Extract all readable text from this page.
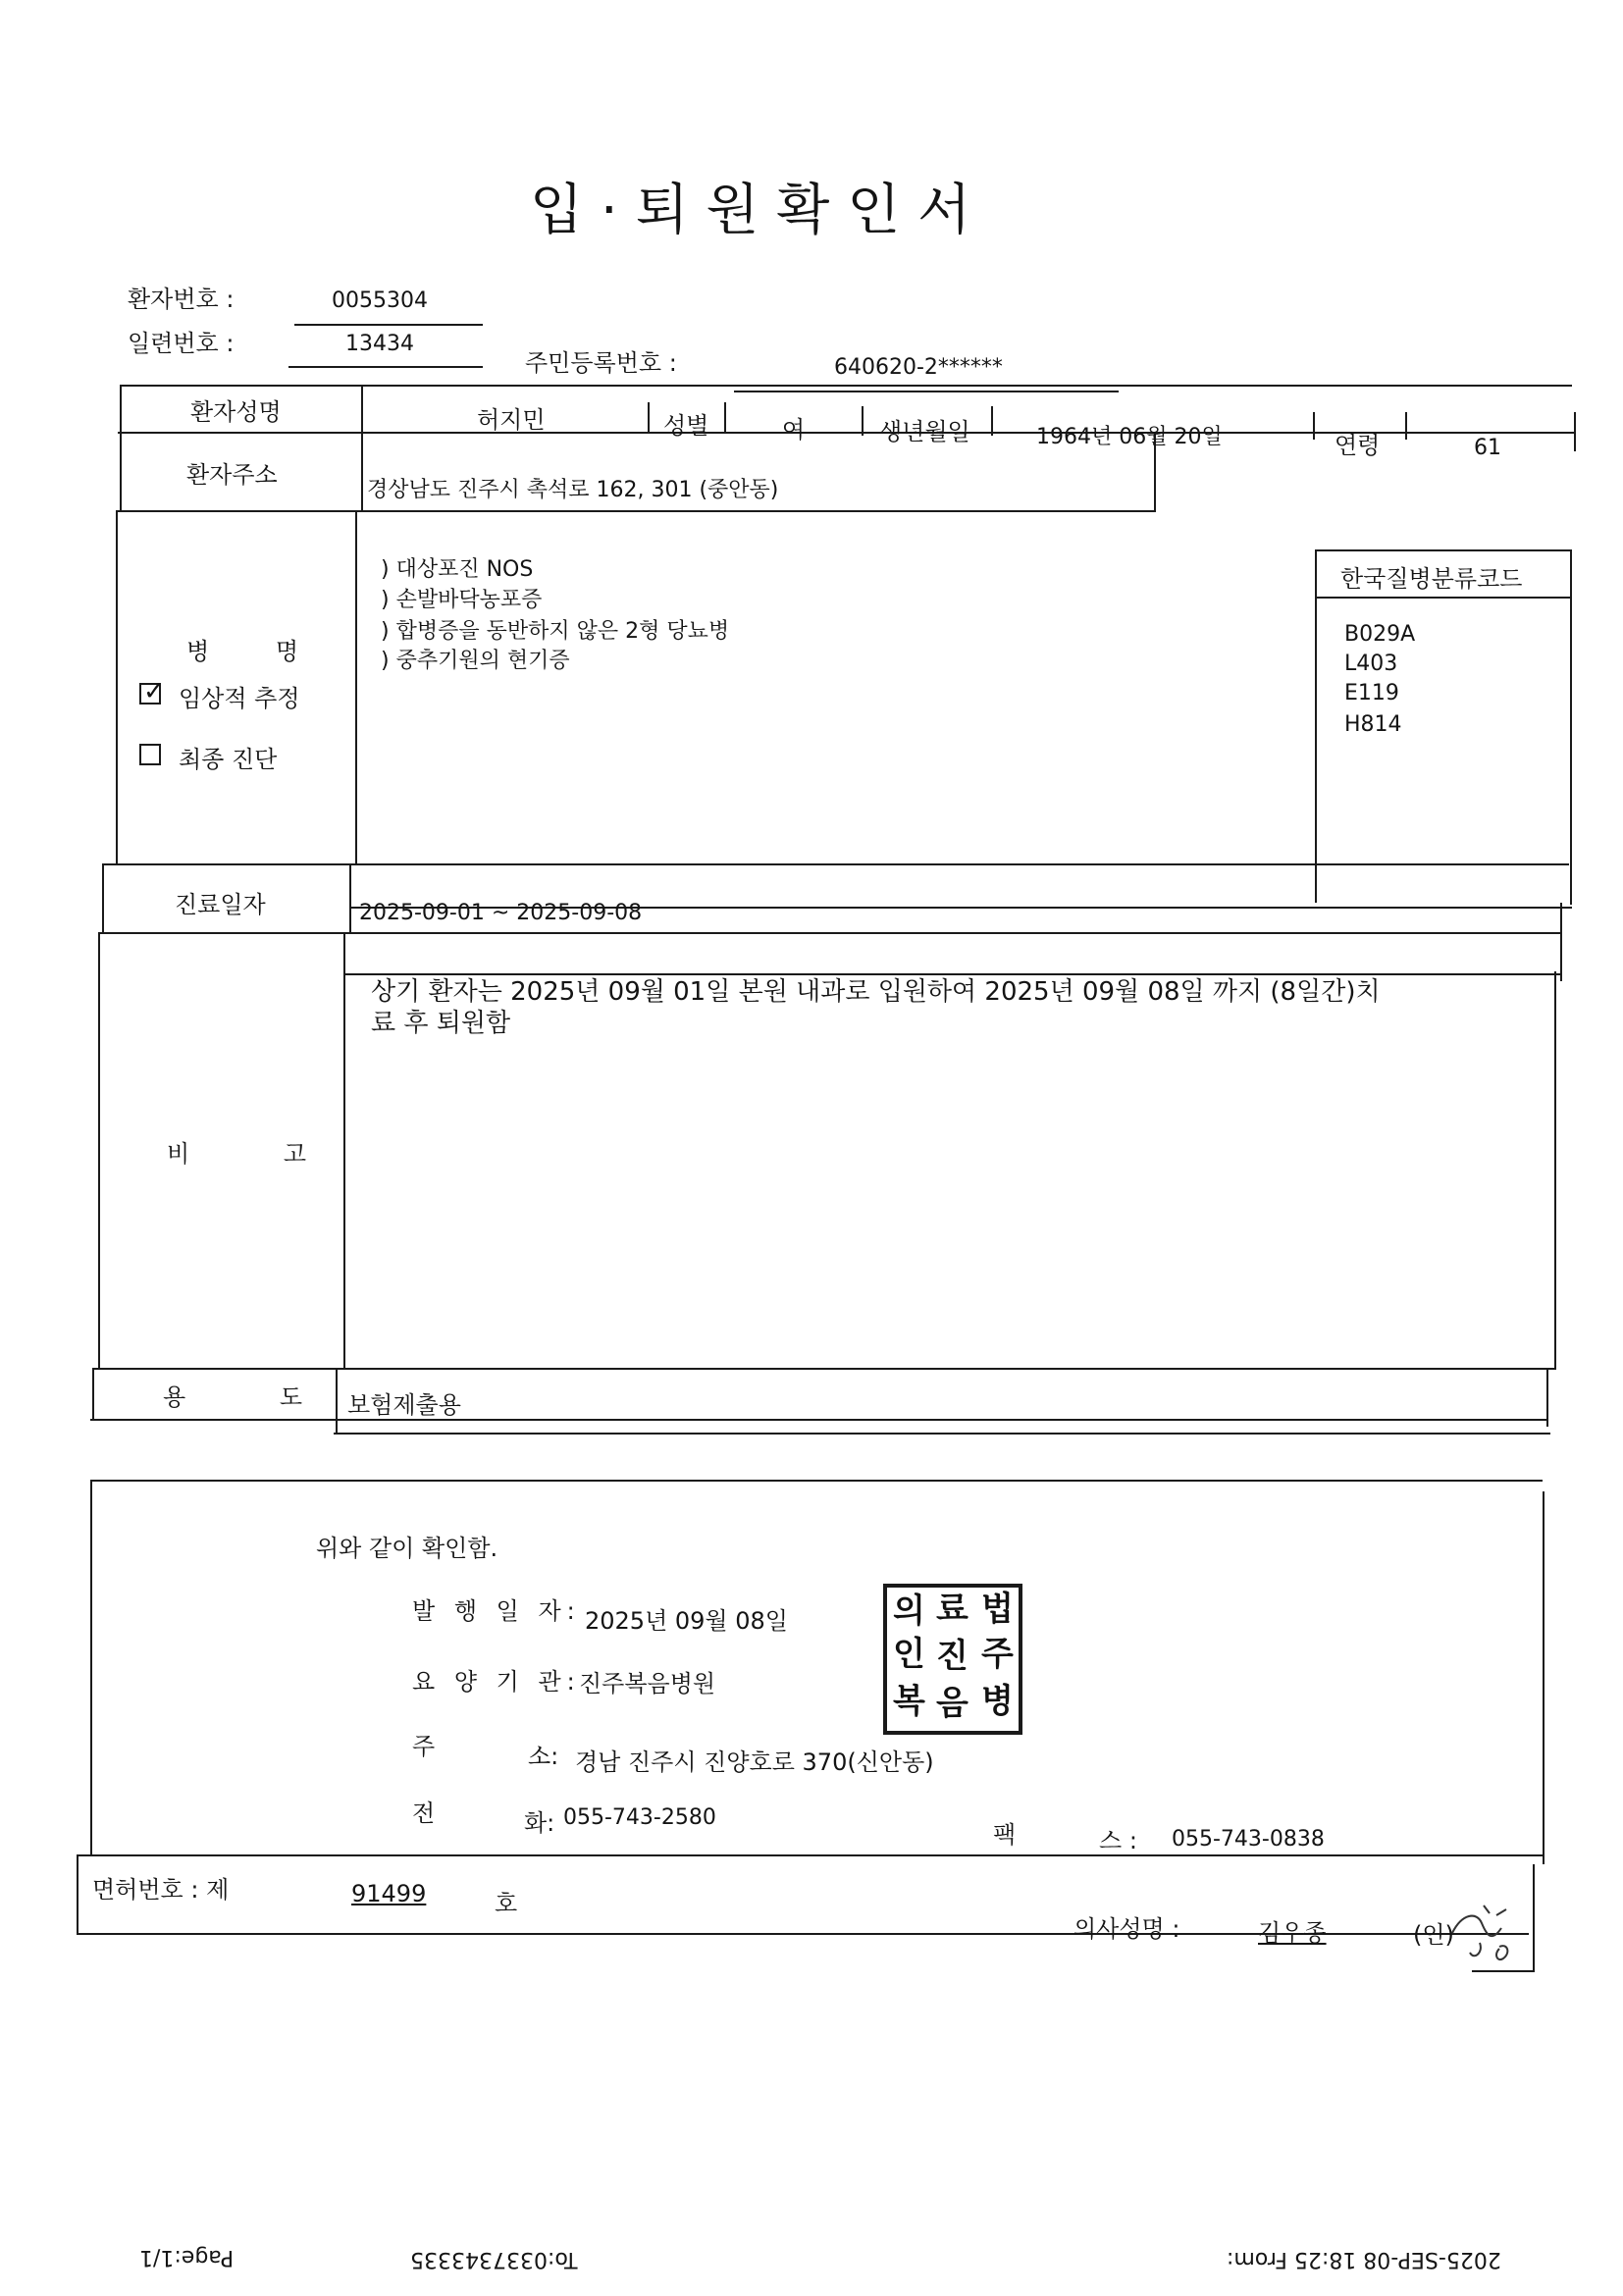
입 · 퇴 원 확 인 서
환자번호 :	0055304
일련번호 :	13434
주민등록번호 :	640620-2******
환자성명	허지민	성별	여	생년월일	1964년 06월 20일	연령	61
환자주소
경상남도 진주시 촉석로 162, 301 (중안동)
병 명
✓ 임상적 추정
최종 진단
) 대상포진 NOS
) 손발바닥농포증
) 합병증을 동반하지 않은 2형 당뇨병
) 중추기원의 현기증
한국질병분류코드
B029A
L403
E119
H814
진료일자	2025-09-01 ~ 2025-09-08
비 고
상기 환자는 2025년 09월 01일 본원 내과로 입원하여 2025년 09월 08일 까지 (8일간)치
료 후 퇴원함
용 도 보험제출용
위와 같이 확인함.
발 행 일 자: 2025년 09월 08일
요 양 기 관:
진주복음병원
주	소: 경남 진주시 진양호로 370(신안동)
전	화: 055-743-2580
팩	스 : 055-743-0838
의 료 법
인 진 주
복 음 병
면허번호 : 제	91499	호
의사성명 :	김우종	(인)
2025-SEP-08 18:25 From:
To:0337343335
Page:1/1
